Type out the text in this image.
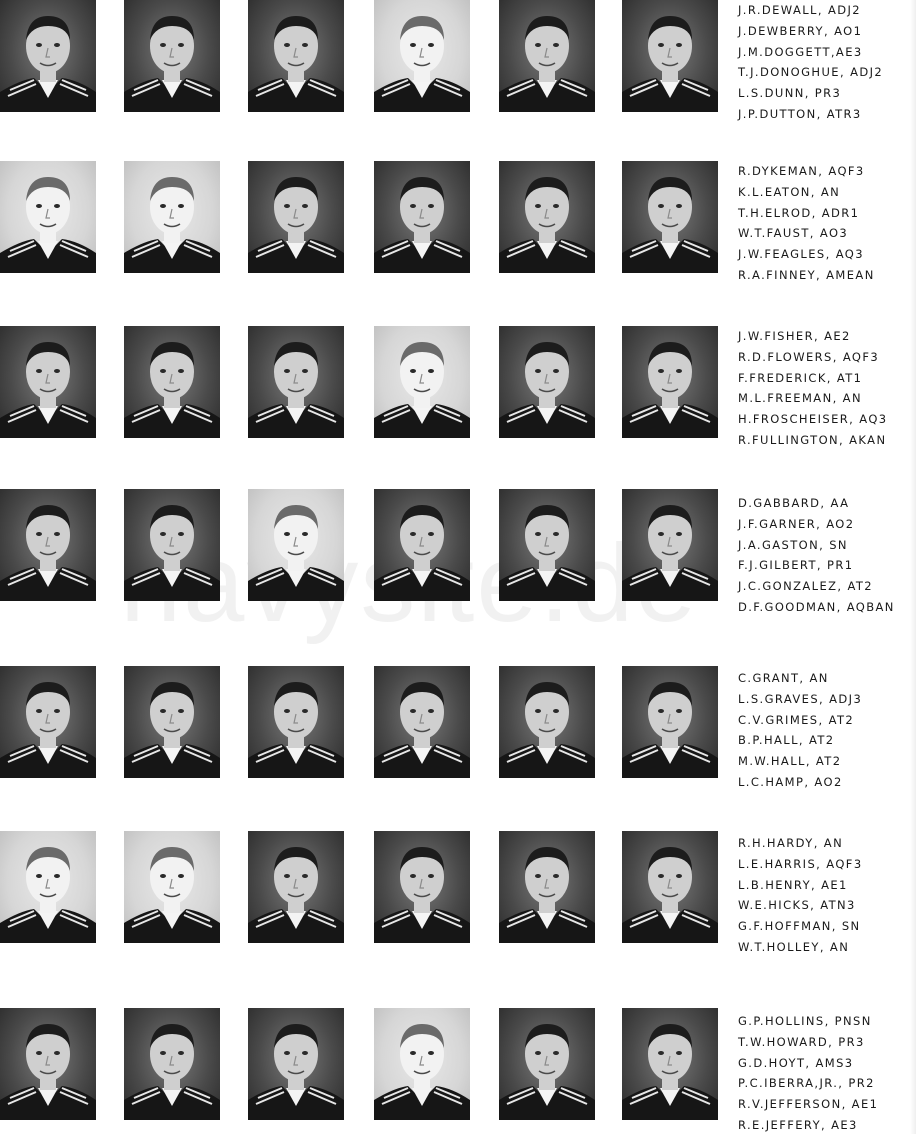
J.R.DEWALL, ADJ2
J.DEWBERRY, AO1
J.M.DOGGETT,AE3
T.J.DONOGHUE, ADJ2
L.S.DUNN, PR3
J.P.DUTTON, ATR3
R.DYKEMAN, AQF3
K.L.EATON, AN
T.H.ELROD, ADR1
W.T.FAUST, AO3
J.W.FEAGLES, AQ3
R.A.FINNEY, AMEAN
J.W.FISHER, AE2
R.D.FLOWERS, AQF3
F.FREDERICK, AT1
M.L.FREEMAN, AN
H.FROSCHEISER, AQ3
R.FULLINGTON, AKAN
D.GABBARD, AA
J.F.GARNER, AO2
J.A.GASTON, SN
F.J.GILBERT, PR1
J.C.GONZALEZ, AT2
D.F.GOODMAN, AQBAN
C.GRANT, AN
L.S.GRAVES, ADJ3
C.V.GRIMES, AT2
B.P.HALL, AT2
M.W.HALL, AT2
L.C.HAMP, AO2
R.H.HARDY, AN
L.E.HARRIS, AQF3
L.B.HENRY, AE1
W.E.HICKS, ATN3
G.F.HOFFMAN, SN
W.T.HOLLEY, AN
G.P.HOLLINS, PNSN
T.W.HOWARD, PR3
G.D.HOYT, AMS3
P.C.IBERRA,JR., PR2
R.V.JEFFERSON, AE1
R.E.JEFFERY, AE3
